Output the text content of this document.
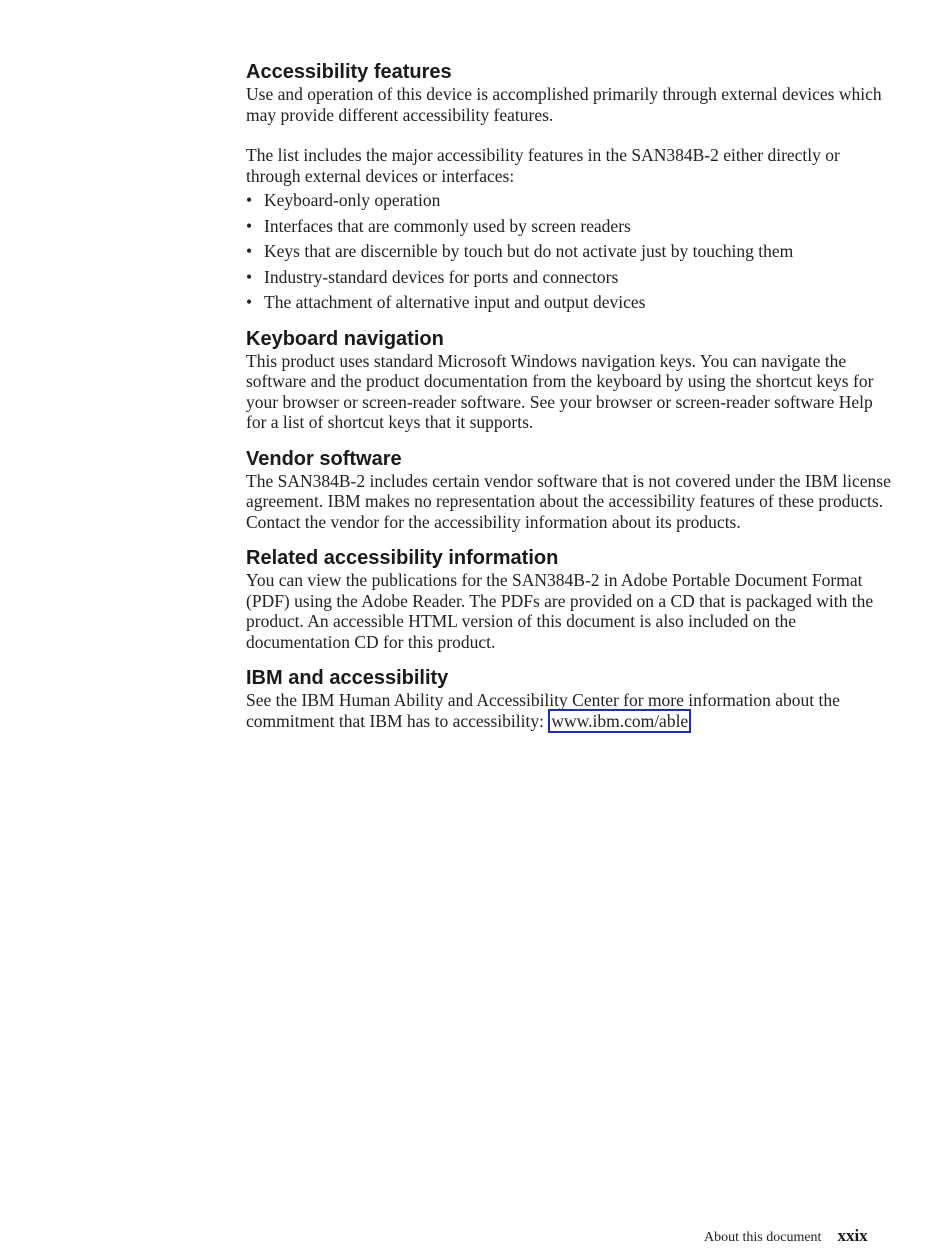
Accessibility features

Use and operation of this device is accomplished primarily through external devices which may provide different accessibility features.

The list includes the major accessibility features in the SAN384B-2 either directly or through external devices or interfaces:

• Keyboard-only operation
• Interfaces that are commonly used by screen readers
• Keys that are discernible by touch but do not activate just by touching them
• Industry-standard devices for ports and connectors
• The attachment of alternative input and output devices
Keyboard navigation

This product uses standard Microsoft Windows navigation keys. You can navigate the software and the product documentation from the keyboard by using the shortcut keys for your browser or screen-reader software. See your browser or screen-reader software Help for a list of shortcut keys that it supports.

Vendor software

The SAN384B-2 includes certain vendor software that is not covered under the IBM license agreement. IBM makes no representation about the accessibility features of these products. Contact the vendor for the accessibility information about its products.

Related accessibility information

You can view the publications for the SAN384B-2 in Adobe Portable Document Format (PDF) using the Adobe Reader. The PDFs are provided on a CD that is packaged with the product. An accessible HTML version of this document is also included on the documentation CD for this product.

IBM and accessibility

See the IBM Human Ability and Accessibility Center for more information about the commitment that IBM has to accessibility: www.ibm.com/able

About this document xxix
